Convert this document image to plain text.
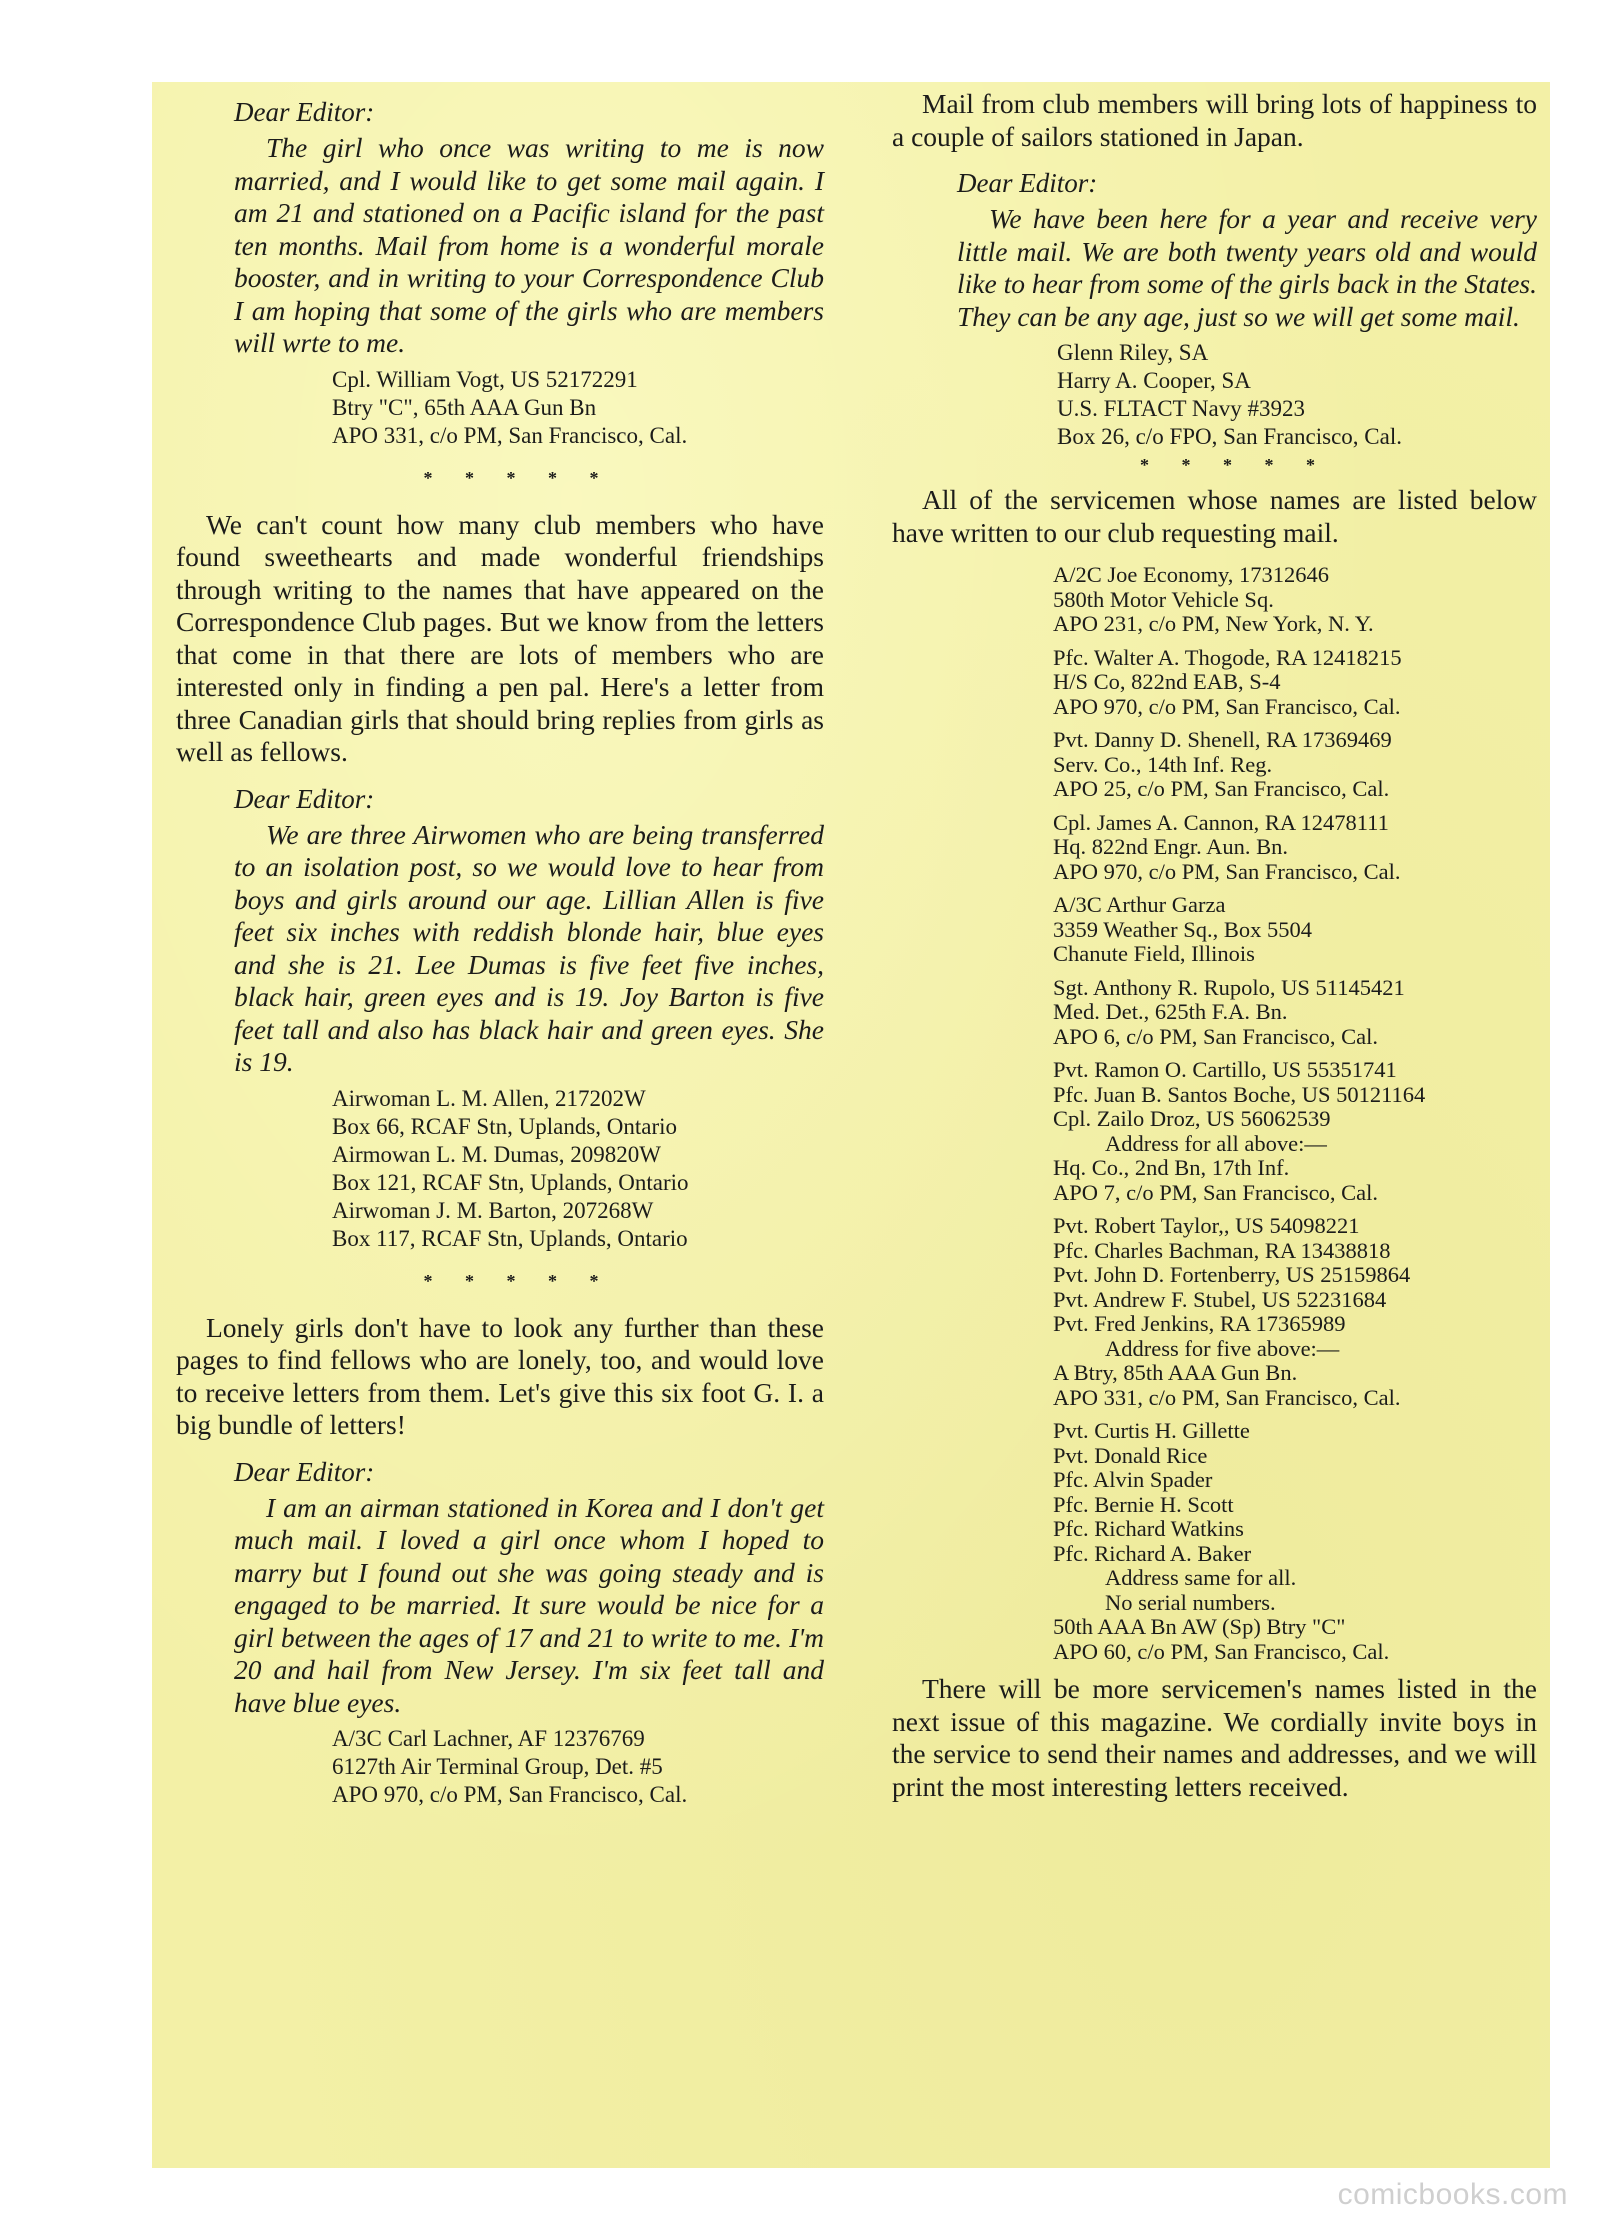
Dear Editor:
The girl who once was writing to me is now married, and I would like to get some mail again. I am 21 and stationed on a Pacific island for the past ten months. Mail from home is a wonderful morale booster, and in writing to your Correspondence Club I am hoping that some of the girls who are members will wrte to me.
Cpl. William Vogt, US 52172291
Btry "C", 65th AAA Gun Bn
APO 331, c/o PM, San Francisco, Cal.
* * * * *
We can't count how many club members who have found sweethearts and made wonderful friendships through writing to the names that have appeared on the Correspondence Club pages. But we know from the letters that come in that there are lots of members who are interested only in finding a pen pal. Here's a letter from three Canadian girls that should bring replies from girls as well as fellows.
Dear Editor:
We are three Airwomen who are being transferred to an isolation post, so we would love to hear from boys and girls around our age. Lillian Allen is five feet six inches with reddish blonde hair, blue eyes and she is 21. Lee Dumas is five feet five inches, black hair, green eyes and is 19. Joy Barton is five feet tall and also has black hair and green eyes. She is 19.
Airwoman L. M. Allen, 217202W
Box 66, RCAF Stn, Uplands, Ontario
Airmowan L. M. Dumas, 209820W
Box 121, RCAF Stn, Uplands, Ontario
Airwoman J. M. Barton, 207268W
Box 117, RCAF Stn, Uplands, Ontario
* * * * *
Lonely girls don't have to look any further than these pages to find fellows who are lonely, too, and would love to receive letters from them. Let's give this six foot G. I. a big bundle of letters!
Dear Editor:
I am an airman stationed in Korea and I don't get much mail. I loved a girl once whom I hoped to marry but I found out she was going steady and is engaged to be married. It sure would be nice for a girl between the ages of 17 and 21 to write to me. I'm 20 and hail from New Jersey. I'm six feet tall and have blue eyes.
A/3C Carl Lachner, AF 12376769
6127th Air Terminal Group, Det. #5
APO 970, c/o PM, San Francisco, Cal.
Mail from club members will bring lots of happiness to a couple of sailors stationed in Japan.
Dear Editor:
We have been here for a year and receive very little mail. We are both twenty years old and would like to hear from some of the girls back in the States. They can be any age, just so we will get some mail.
Glenn Riley, SA
Harry A. Cooper, SA
U.S. FLTACT Navy #3923
Box 26, c/o FPO, San Francisco, Cal.
* * * * *
All of the servicemen whose names are listed below have written to our club requesting mail.
A/2C Joe Economy, 17312646
580th Motor Vehicle Sq.
APO 231, c/o PM, New York, N. Y.
Pfc. Walter A. Thogode, RA 12418215
H/S Co, 822nd EAB, S-4
APO 970, c/o PM, San Francisco, Cal.
Pvt. Danny D. Shenell, RA 17369469
Serv. Co., 14th Inf. Reg.
APO 25, c/o PM, San Francisco, Cal.
Cpl. James A. Cannon, RA 12478111
Hq. 822nd Engr. Aun. Bn.
APO 970, c/o PM, San Francisco, Cal.
A/3C Arthur Garza
3359 Weather Sq., Box 5504
Chanute Field, Illinois
Sgt. Anthony R. Rupolo, US 51145421
Med. Det., 625th F.A. Bn.
APO 6, c/o PM, San Francisco, Cal.
Pvt. Ramon O. Cartillo, US 55351741
Pfc. Juan B. Santos Boche, US 50121164
Cpl. Zailo Droz, US 56062539
Address for all above:—
Hq. Co., 2nd Bn, 17th Inf.
APO 7, c/o PM, San Francisco, Cal.
Pvt. Robert Taylor,, US 54098221
Pfc. Charles Bachman, RA 13438818
Pvt. John D. Fortenberry, US 25159864
Pvt. Andrew F. Stubel, US 52231684
Pvt. Fred Jenkins, RA 17365989
Address for five above:—
A Btry, 85th AAA Gun Bn.
APO 331, c/o PM, San Francisco, Cal.
Pvt. Curtis H. Gillette
Pvt. Donald Rice
Pfc. Alvin Spader
Pfc. Bernie H. Scott
Pfc. Richard Watkins
Pfc. Richard A. Baker
Address same for all.
No serial numbers.
50th AAA Bn AW (Sp) Btry "C"
APO 60, c/o PM, San Francisco, Cal.
There will be more servicemen's names listed in the next issue of this magazine. We cordially invite boys in the service to send their names and addresses, and we will print the most interesting letters received.
comicbooks.com
